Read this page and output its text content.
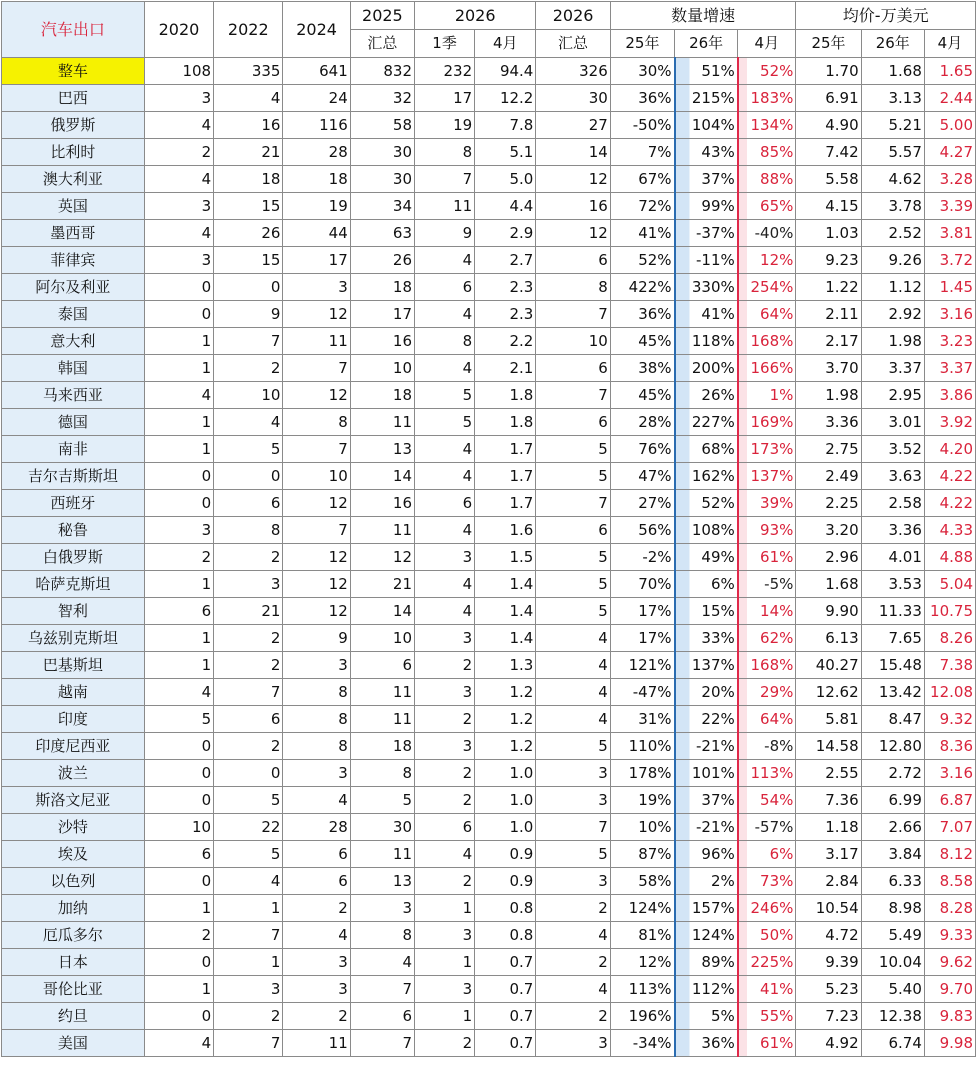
汽车出口	2020	2022	2024	2025	2026		2026	数量增速			均价-万美元		
				汇总	1季	4月	汇总	25年	26年	4月	25年	26年	4月
整车	108	335	641	832	232	94.4	326	30%	51%	52%	1.70	1.68	1.65
巴西	3	4	24	32	17	12.2	30	36%	215%	183%	6.91	3.13	2.44
俄罗斯	4	16	116	58	19	7.8	27	-50%	104%	134%	4.90	5.21	5.00
比利时	2	21	28	30	8	5.1	14	7%	43%	85%	7.42	5.57	4.27
澳大利亚	4	18	18	30	7	5.0	12	67%	37%	88%	5.58	4.62	3.28
英国	3	15	19	34	11	4.4	16	72%	99%	65%	4.15	3.78	3.39
墨西哥	4	26	44	63	9	2.9	12	41%	-37%	-40%	1.03	2.52	3.81
菲律宾	3	15	17	26	4	2.7	6	52%	-11%	12%	9.23	9.26	3.72
阿尔及利亚	0	0	3	18	6	2.3	8	422%	330%	254%	1.22	1.12	1.45
泰国	0	9	12	17	4	2.3	7	36%	41%	64%	2.11	2.92	3.16
意大利	1	7	11	16	8	2.2	10	45%	118%	168%	2.17	1.98	3.23
韩国	1	2	7	10	4	2.1	6	38%	200%	166%	3.70	3.37	3.37
马来西亚	4	10	12	18	5	1.8	7	45%	26%	1%	1.98	2.95	3.86
德国	1	4	8	11	5	1.8	6	28%	227%	169%	3.36	3.01	3.92
南非	1	5	7	13	4	1.7	5	76%	68%	173%	2.75	3.52	4.20
吉尔吉斯斯坦	0	0	10	14	4	1.7	5	47%	162%	137%	2.49	3.63	4.22
西班牙	0	6	12	16	6	1.7	7	27%	52%	39%	2.25	2.58	4.22
秘鲁	3	8	7	11	4	1.6	6	56%	108%	93%	3.20	3.36	4.33
白俄罗斯	2	2	12	12	3	1.5	5	-2%	49%	61%	2.96	4.01	4.88
哈萨克斯坦	1	3	12	21	4	1.4	5	70%	6%	-5%	1.68	3.53	5.04
智利	6	21	12	14	4	1.4	5	17%	15%	14%	9.90	11.33	10.75
乌兹别克斯坦	1	2	9	10	3	1.4	4	17%	33%	62%	6.13	7.65	8.26
巴基斯坦	1	2	3	6	2	1.3	4	121%	137%	168%	40.27	15.48	7.38
越南	4	7	8	11	3	1.2	4	-47%	20%	29%	12.62	13.42	12.08
印度	5	6	8	11	2	1.2	4	31%	22%	64%	5.81	8.47	9.32
印度尼西亚	0	2	8	18	3	1.2	5	110%	-21%	-8%	14.58	12.80	8.36
波兰	0	0	3	8	2	1.0	3	178%	101%	113%	2.55	2.72	3.16
斯洛文尼亚	0	5	4	5	2	1.0	3	19%	37%	54%	7.36	6.99	6.87
沙特	10	22	28	30	6	1.0	7	10%	-21%	-57%	1.18	2.66	7.07
埃及	6	5	6	11	4	0.9	5	87%	96%	6%	3.17	3.84	8.12
以色列	0	4	6	13	2	0.9	3	58%	2%	73%	2.84	6.33	8.58
加纳	1	1	2	3	1	0.8	2	124%	157%	246%	10.54	8.98	8.28
厄瓜多尔	2	7	4	8	3	0.8	4	81%	124%	50%	4.72	5.49	9.33
日本	0	1	3	4	1	0.7	2	12%	89%	225%	9.39	10.04	9.62
哥伦比亚	1	3	3	7	3	0.7	4	113%	112%	41%	5.23	5.40	9.70
约旦	0	2	2	6	1	0.7	2	196%	5%	55%	7.23	12.38	9.83
美国	4	7	11	7	2	0.7	3	-34%	36%	61%	4.92	6.74	9.98
